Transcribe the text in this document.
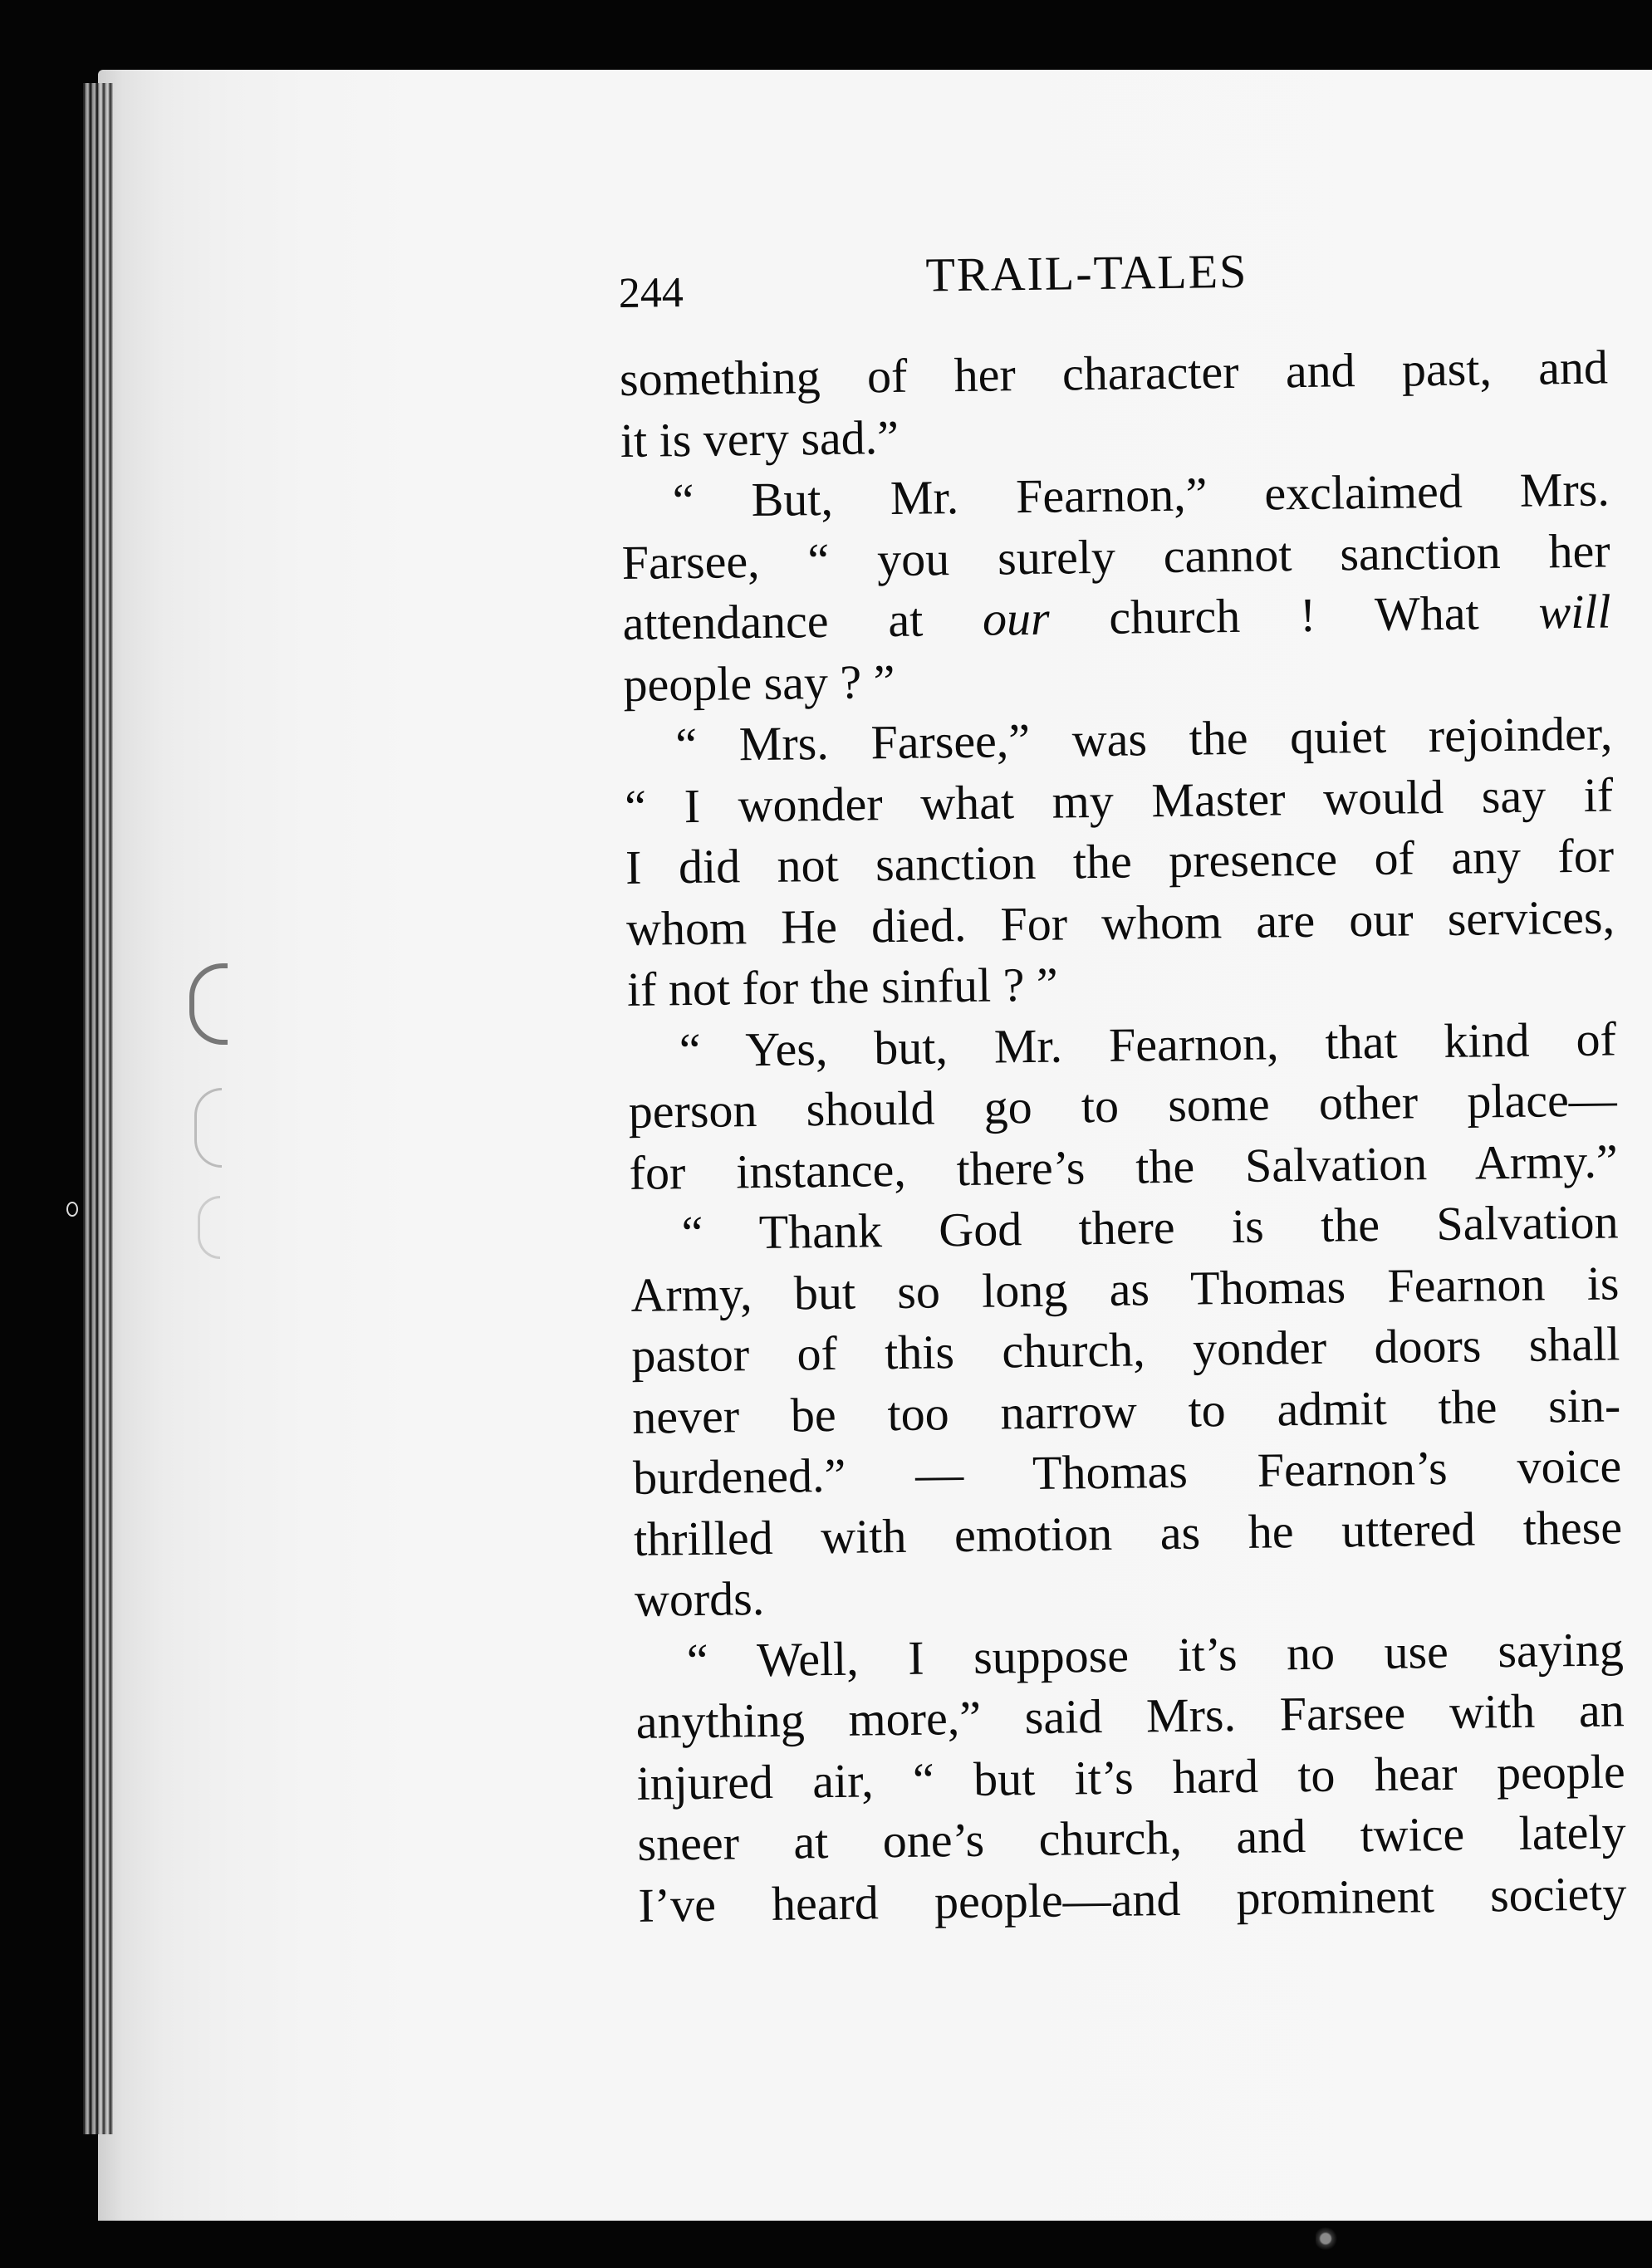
244	TRAIL-TALES
something of her character and past, and
it is very sad.”
“ But, Mr. Fearnon,” exclaimed Mrs.
Farsee, “ you surely cannot sanction her
attendance at our church ! What will
people say ? ”
“ Mrs. Farsee,” was the quiet rejoinder,
“ I wonder what my Master would say if
I did not sanction the presence of any for
whom He died. For whom are our services,
if not for the sinful ? ”
“ Yes, but, Mr. Fearnon, that kind of
person should go to some other place—
for instance, there’s the Salvation Army.”
“ Thank God there is the Salvation
Army, but so long as Thomas Fearnon is
pastor of this church, yonder doors shall
never be too narrow to admit the sin-
burdened.” — Thomas Fearnon’s voice
thrilled with emotion as he uttered these
words.
“ Well, I suppose it’s no use saying
anything more,” said Mrs. Farsee with an
injured air, “ but it’s hard to hear people
sneer at one’s church, and twice lately
I’ve heard people—and prominent society
